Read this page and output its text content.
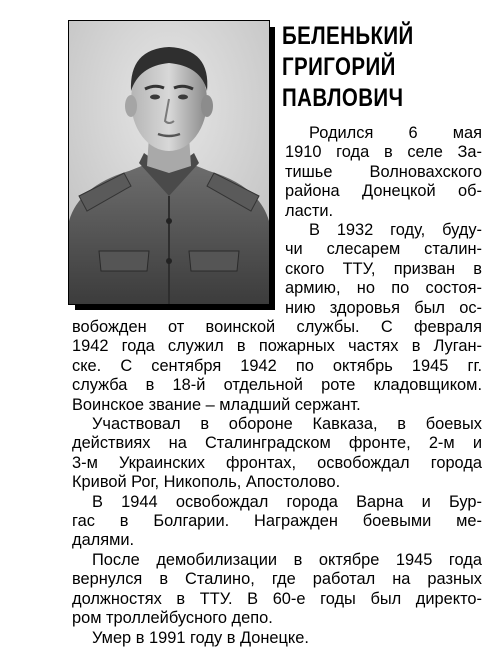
БЕЛЕНЬКИЙ
ГРИГОРИЙ
ПАВЛОВИЧ
Родился 6 мая
1910 года в селе За-
тишье Волновахского
района Донецкой об-
ласти.
В 1932 году, буду-
чи слесарем сталин-
ского ТТУ, призван в
армию, но по состоя-
нию здоровья был ос-
вобожден от воинской службы. С февраля
1942 года служил в пожарных частях в Луган-
ске. С сентября 1942 по октябрь 1945 гг.
служба в 18-й отдельной роте кладовщиком.
Воинское звание – младший сержант.
Участвовал в обороне Кавказа, в боевых
действиях на Сталинградском фронте, 2-м и
3-м Украинских фронтах, освобождал города
Кривой Рог, Никополь, Апостолово.
В 1944 освобождал города Варна и Бур-
гас в Болгарии. Награжден боевыми ме-
далями.
После демобилизации в октябре 1945 года
вернулся в Сталино, где работал на разных
должностях в ТТУ. В 60-е годы был директо-
ром троллейбусного депо.
Умер в 1991 году в Донецке.
